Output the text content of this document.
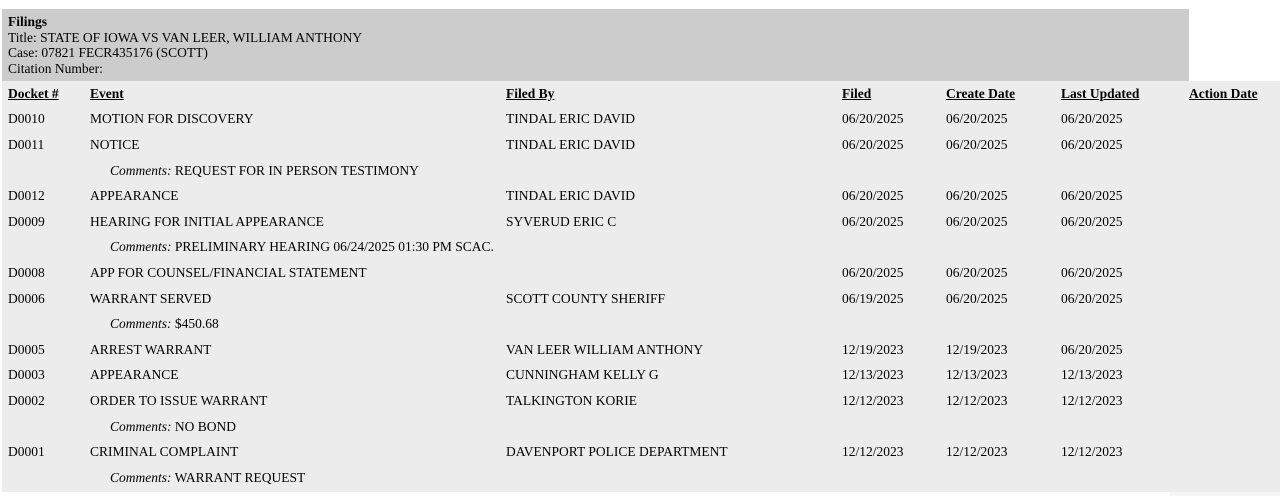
Filings
Title: STATE OF IOWA VS VAN LEER, WILLIAM ANTHONY
Case: 07821 FECR435176 (SCOTT)
Citation Number:
Docket #	Event	Filed By	Filed	Create Date	Last Updated	Action Date
D0010	MOTION FOR DISCOVERY	TINDAL ERIC DAVID	06/20/2025	06/20/2025	06/20/2025	
D0011	NOTICE	TINDAL ERIC DAVID	06/20/2025	06/20/2025	06/20/2025	
	Comments: REQUEST FOR IN PERSON TESTIMONY					
D0012	APPEARANCE	TINDAL ERIC DAVID	06/20/2025	06/20/2025	06/20/2025	
D0009	HEARING FOR INITIAL APPEARANCE	SYVERUD ERIC C	06/20/2025	06/20/2025	06/20/2025	
	Comments: PRELIMINARY HEARING 06/24/2025 01:30 PM SCAC.					
D0008	APP FOR COUNSEL/FINANCIAL STATEMENT		06/20/2025	06/20/2025	06/20/2025	
D0006	WARRANT SERVED	SCOTT COUNTY SHERIFF	06/19/2025	06/20/2025	06/20/2025	
	Comments: $450.68					
D0005	ARREST WARRANT	VAN LEER WILLIAM ANTHONY	12/19/2023	12/19/2023	06/20/2025	
D0003	APPEARANCE	CUNNINGHAM KELLY G	12/13/2023	12/13/2023	12/13/2023	
D0002	ORDER TO ISSUE WARRANT	TALKINGTON KORIE	12/12/2023	12/12/2023	12/12/2023	
	Comments: NO BOND					
D0001	CRIMINAL COMPLAINT	DAVENPORT POLICE DEPARTMENT	12/12/2023	12/12/2023	12/12/2023	
	Comments: WARRANT REQUEST					
